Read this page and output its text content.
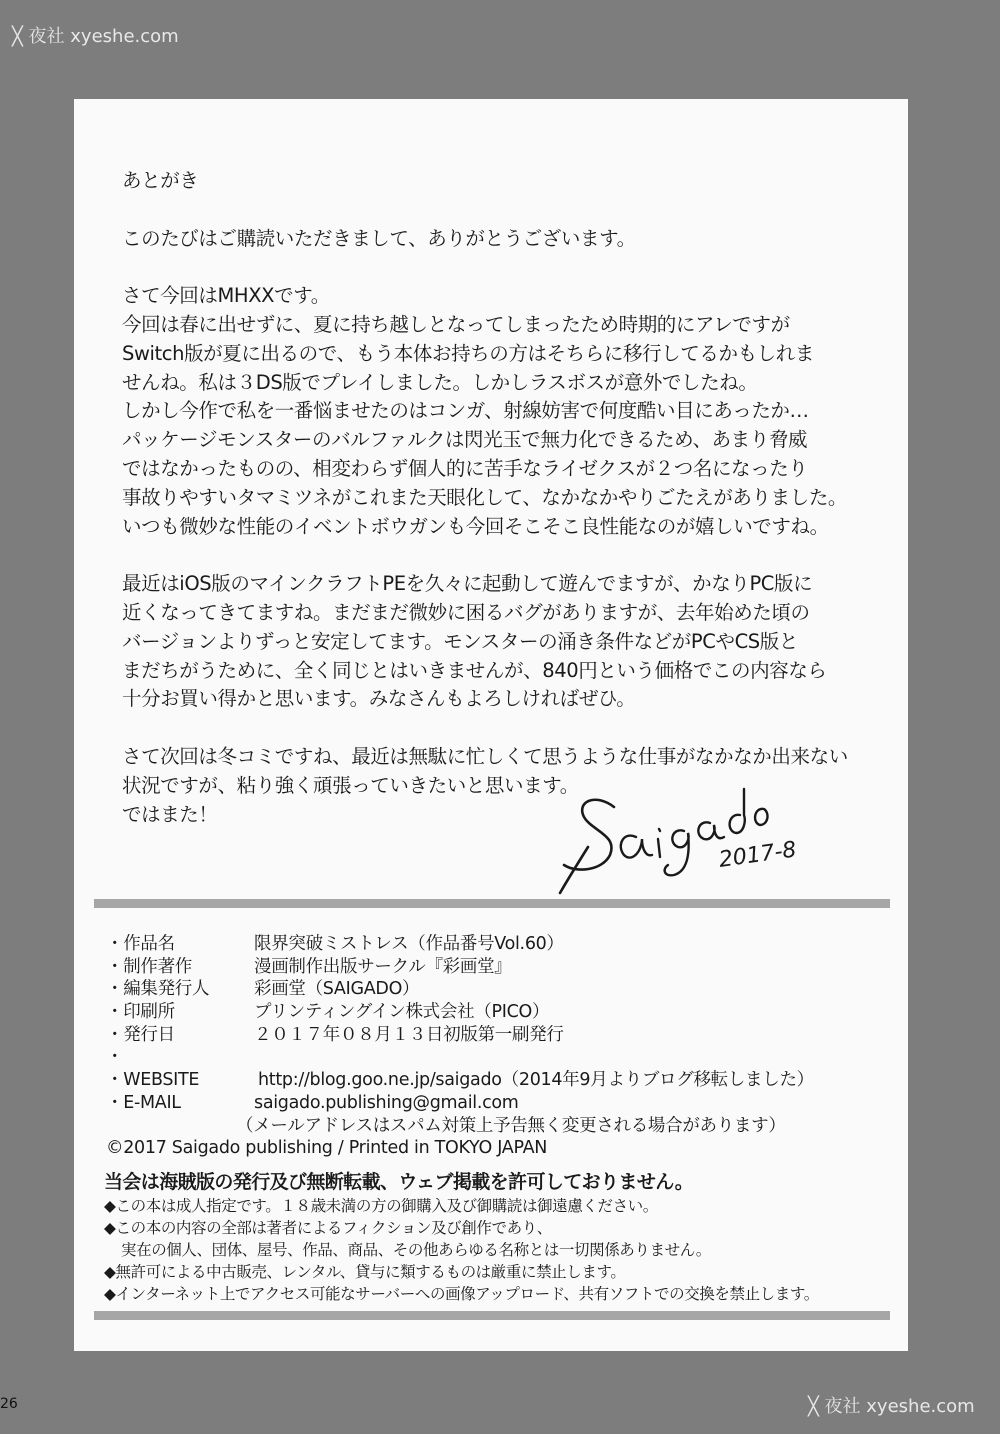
╳ 夜社 xyeshe.com
╳ 夜社 xyeshe.com
26

あとがき

このたびはご購読いただきまして、ありがとうございます。

さて今回はMHXXです。

今回は春に出せずに、夏に持ち越しとなってしまったため時期的にアレですが

Switch版が夏に出るので、もう本体お持ちの方はそちらに移行してるかもしれま

せんね。私は３DS版でプレイしました。しかしラスボスが意外でしたね。

しかし今作で私を一番悩ませたのはコンガ、射線妨害で何度酷い目にあったか…

パッケージモンスターのバルファルクは閃光玉で無力化できるため、あまり脅威

ではなかったものの、相変わらず個人的に苦手なライゼクスが２つ名になったり

事故りやすいタマミツネがこれまた天眼化して、なかなかやりごたえがありました。

いつも微妙な性能のイベントボウガンも今回そこそこ良性能なのが嬉しいですね。

最近はiOS版のマインクラフトPEを久々に起動して遊んでますが、かなりPC版に

近くなってきてますね。まだまだ微妙に困るバグがありますが、去年始めた頃の

バージョンよりずっと安定してます。モンスターの涌き条件などがPCやCS版と

まだちがうために、全く同じとはいきませんが、840円という価格でこの内容なら

十分お買い得かと思います。みなさんもよろしければぜひ。

さて次回は冬コミですね、最近は無駄に忙しくて思うような仕事がなかなか出来ない

状況ですが、粘り強く頑張っていきたいと思います。

ではまた！

2017-8
・作品名	限界突破ミストレス（作品番号Vol.60）
・制作著作	漫画制作出版サークル『彩画堂』
・編集発行人	彩画堂（SAIGADO）
・印刷所	プリンティングイン株式会社（PICO）
・発行日	２０１７年０８月１３日初版第一刷発行
・
・WEBSITE	http://blog.goo.ne.jp/saigado（2014年9月よりブログ移転しました）
・E-MAIL	saigado.publishing@gmail.com
（メールアドレスはスパム対策上予告無く変更される場合があります）
©2017 Saigado publishing / Printed in TOKYO JAPAN
当会は海賊版の発行及び無断転載、ウェブ掲載を許可しておりません。
◆この本は成人指定です。１８歳未満の方の御購入及び御購読は御遠慮ください。
◆この本の内容の全部は著者によるフィクション及び創作であり、
実在の個人、団体、屋号、作品、商品、その他あらゆる名称とは一切関係ありません。
◆無許可による中古販売、レンタル、貸与に類するものは厳重に禁止します。
◆インターネット上でアクセス可能なサーバーへの画像アップロード、共有ソフトでの交換を禁止します。
